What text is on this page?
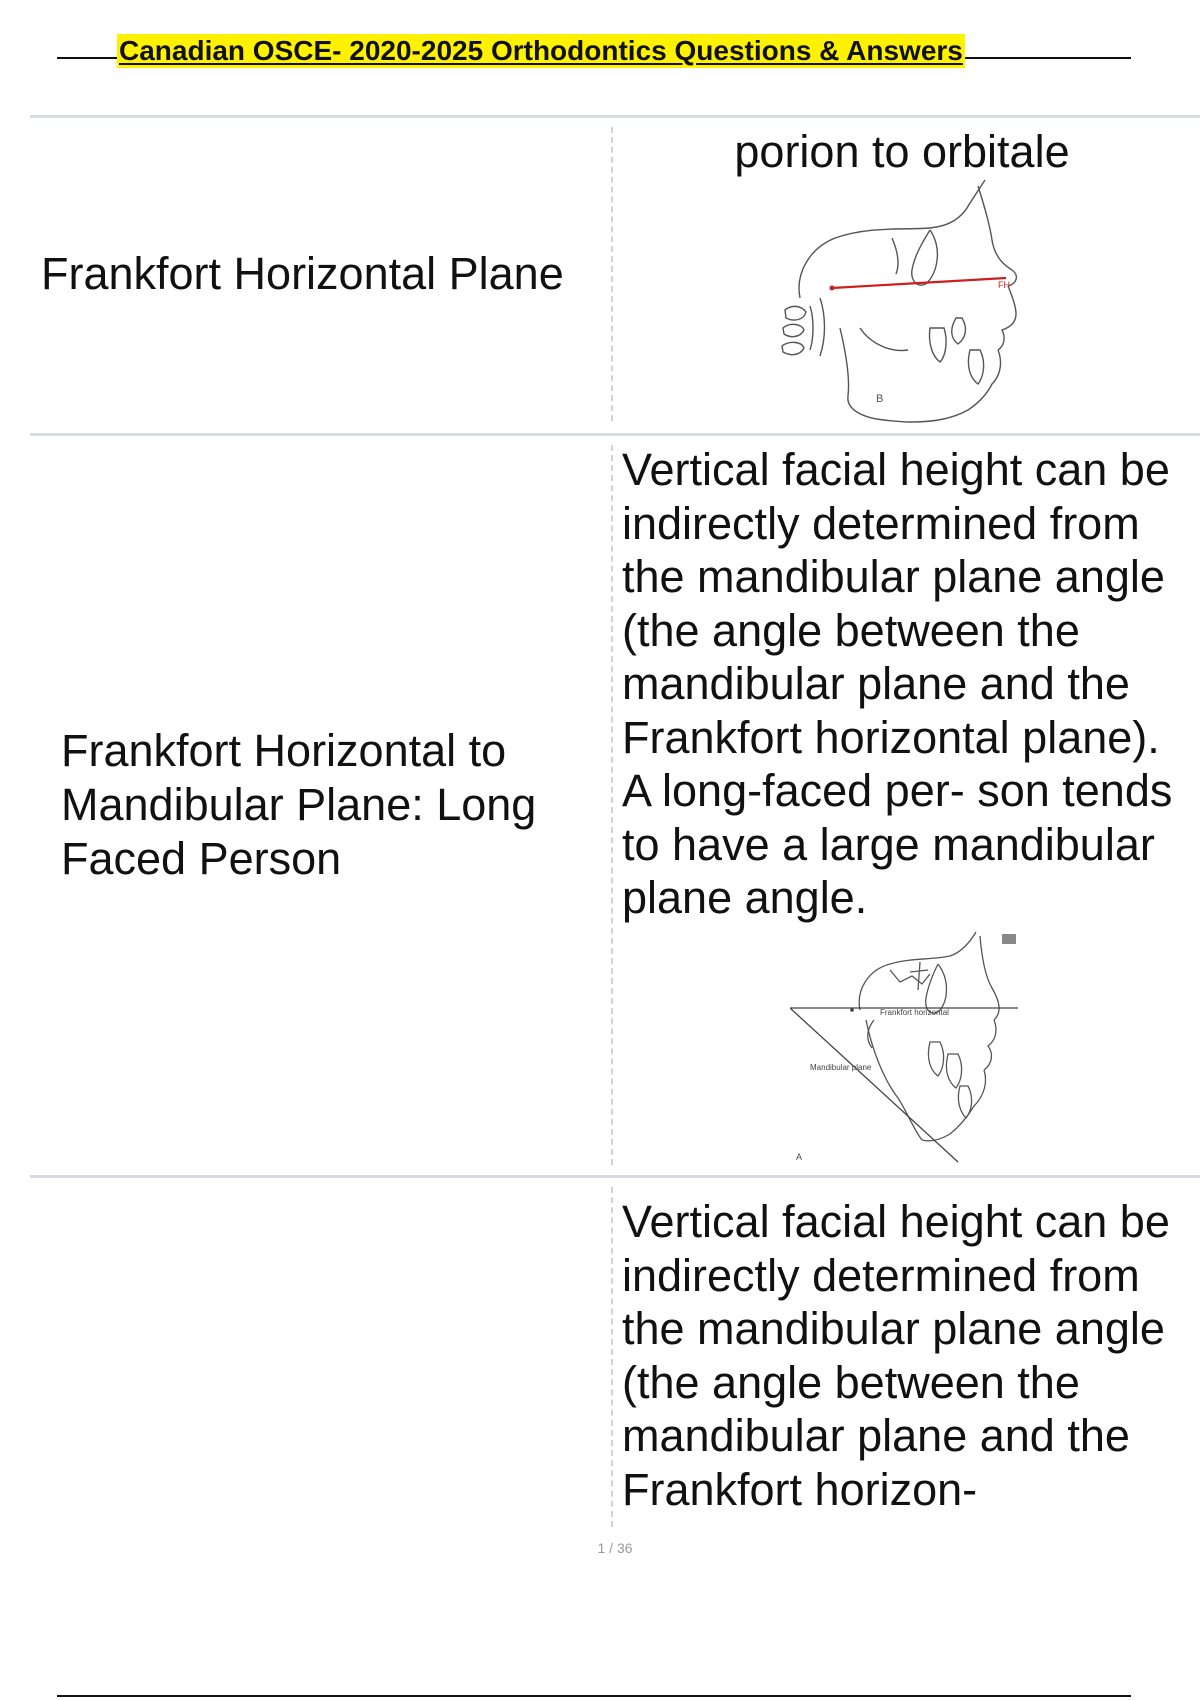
Canadian OSCE- 2020-2025 Orthodontics Questions & Answers
Frankfort Horizontal Plane
porion to orbitale
FH
B
Frankfort Horizontal to Mandibular Plane: Long Faced Person
Vertical facial height can be indirectly determined from the mandibular plane angle (the angle between the mandibular plane and the Frankfort horizontal plane). A long-faced per- son tends to have a large mandibular plane angle.
Frankfort horizontal
Mandibular plane
A
Vertical facial height can be indirectly determined from the mandibular plane angle (the angle between the mandibular plane and the Frankfort horizon-
1 / 36
